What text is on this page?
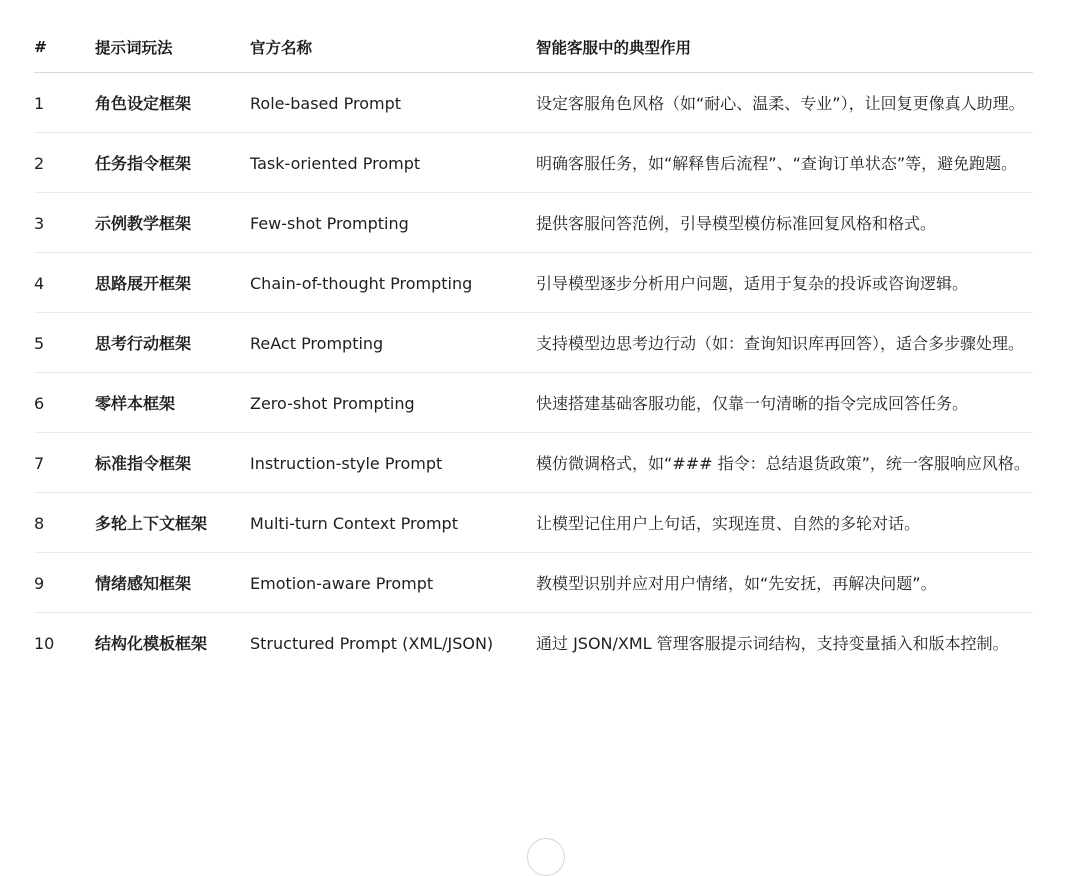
#	提示词玩法	官方名称	智能客服中的典型作用
1	角色设定框架	Role-based Prompt	设定客服角色风格（如“耐心、温柔、专业”），让回复更像真人助理。
2	任务指令框架	Task-oriented Prompt	明确客服任务，如“解释售后流程”、“查询订单状态”等，避免跑题。
3	示例教学框架	Few-shot Prompting	提供客服问答范例，引导模型模仿标准回复风格和格式。
4	思路展开框架	Chain-of-thought Prompting	引导模型逐步分析用户问题，适用于复杂的投诉或咨询逻辑。
5	思考行动框架	ReAct Prompting	支持模型边思考边行动（如：查询知识库再回答），适合多步骤处理。
6	零样本框架	Zero-shot Prompting	快速搭建基础客服功能，仅靠一句清晰的指令完成回答任务。
7	标准指令框架	Instruction-style Prompt	模仿微调格式，如“### 指令：总结退货政策”，统一客服响应风格。
8	多轮上下文框架	Multi-turn Context Prompt	让模型记住用户上句话，实现连贯、自然的多轮对话。
9	情绪感知框架	Emotion-aware Prompt	教模型识别并应对用户情绪，如“先安抚，再解决问题”。
10	结构化模板框架	Structured Prompt (XML/JSON)	通过 JSON/XML 管理客服提示词结构，支持变量插入和版本控制。
